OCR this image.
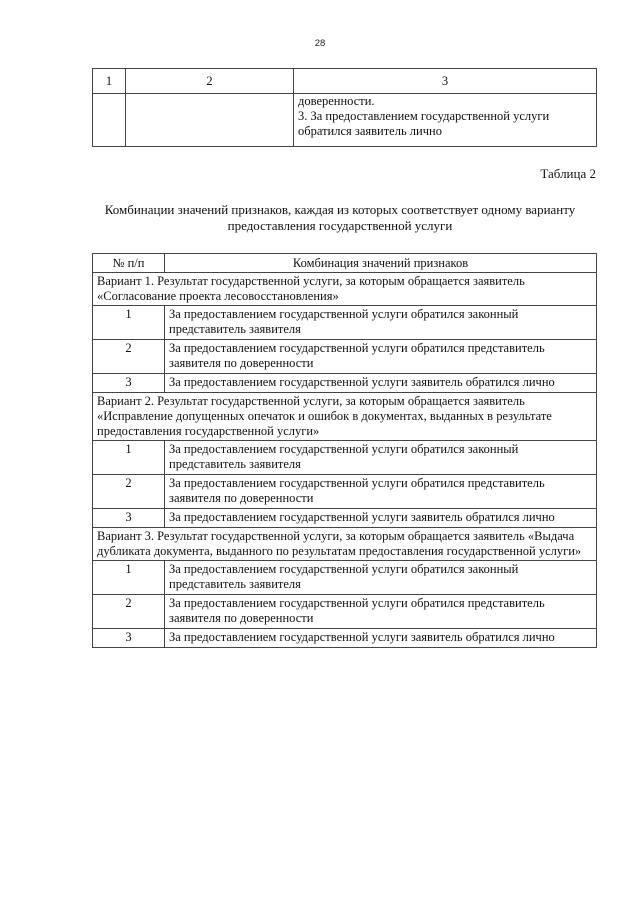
28
1	2	3

		доверенности.
3. За предоставлением государственной услуги
обратился заявитель лично
Таблица 2
Комбинации значений признаков, каждая из которых соответствует одному варианту предоставления государственной услуги
№ п/п	Комбинация значений признаков
Вариант 1. Результат государственной услуги, за которым обращается заявитель «Согласование проекта лесовосстановления»	
1	За предоставлением государственной услуги обратился законный представитель заявителя
2	За предоставлением государственной услуги обратился представитель заявителя по доверенности
3	За предоставлением государственной услуги заявитель обратился лично
Вариант 2. Результат государственной услуги, за которым обращается заявитель «Исправление допущенных опечаток и ошибок в документах, выданных в результате предоставления государственной услуги»	
1	За предоставлением государственной услуги обратился законный представитель заявителя
2	За предоставлением государственной услуги обратился представитель заявителя по доверенности
3	За предоставлением государственной услуги заявитель обратился лично
Вариант 3. Результат государственной услуги, за которым обращается заявитель «Выдача дубликата документа, выданного по результатам предоставления государственной услуги»	
1	За предоставлением государственной услуги обратился законный представитель заявителя
2	За предоставлением государственной услуги обратился представитель заявителя по доверенности
3	За предоставлением государственной услуги заявитель обратился лично
